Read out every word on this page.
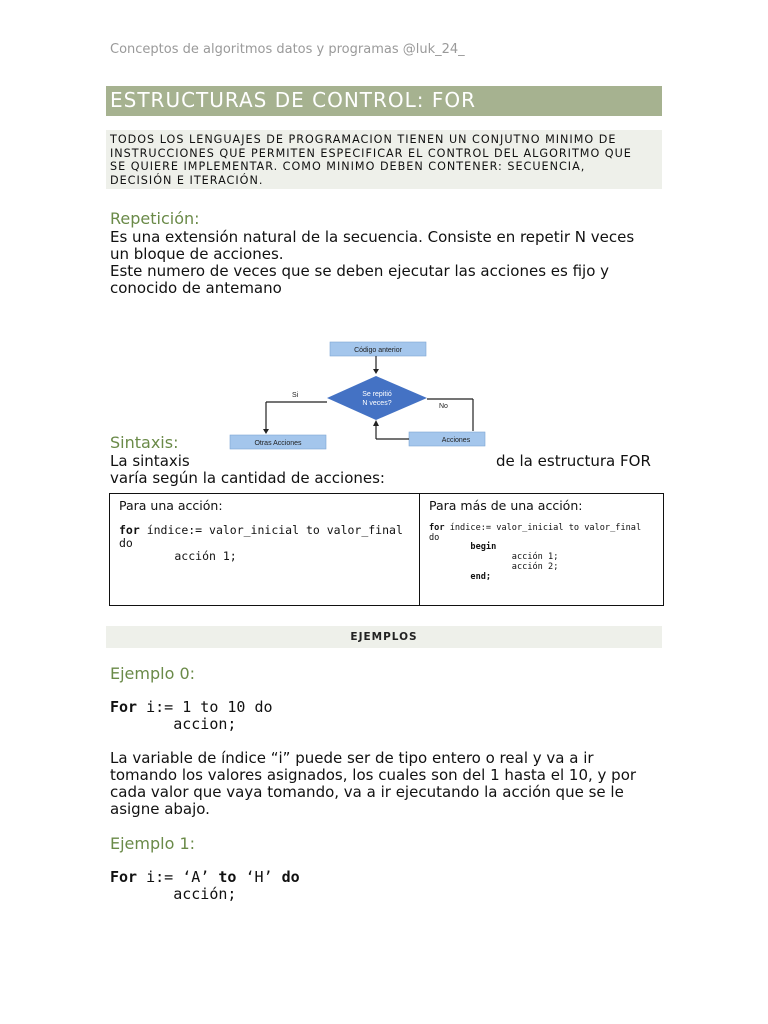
Conceptos de algoritmos datos y programas @luk_24_
ESTRUCTURAS DE CONTROL: FOR
TODOS LOS LENGUAJES DE PROGRAMACION TIENEN UN CONJUTNO MINIMO DE
INSTRUCCIONES QUE PERMITEN ESPECIFICAR EL CONTROL DEL ALGORITMO QUE
SE QUIERE IMPLEMENTAR. COMO MINIMO DEBEN CONTENER: SECUENCIA,
DECISIÓN E ITERACIÓN.
Repetición:
Es una extensión natural de la secuencia. Consiste en repetir N veces
un bloque de acciones.
Este numero de veces que se deben ejecutar las acciones es fijo y
conocido de antemano
Código anterior
Se repitió
N veces?
Si
No
Otras Acciones	Acciones
Sintaxis:
La sintaxis	de la estructura FOR
varía según la cantidad de acciones:
Para una acción:
for índice:= valor_inicial to valor_final
do
acción 1;
Para más de una acción:
for índice:= valor_inicial to valor_final
do
begin
acción 1;
acción 2;
end;
EJEMPLOS
Ejemplo 0:
For i:= 1 to 10 do
accion;
La variable de índice “i” puede ser de tipo entero o real y va a ir
tomando los valores asignados, los cuales son del 1 hasta el 10, y por
cada valor que vaya tomando, va a ir ejecutando la acción que se le
asigne abajo.
Ejemplo 1:
For i:= ‘A’ to ‘H’ do
acción;
